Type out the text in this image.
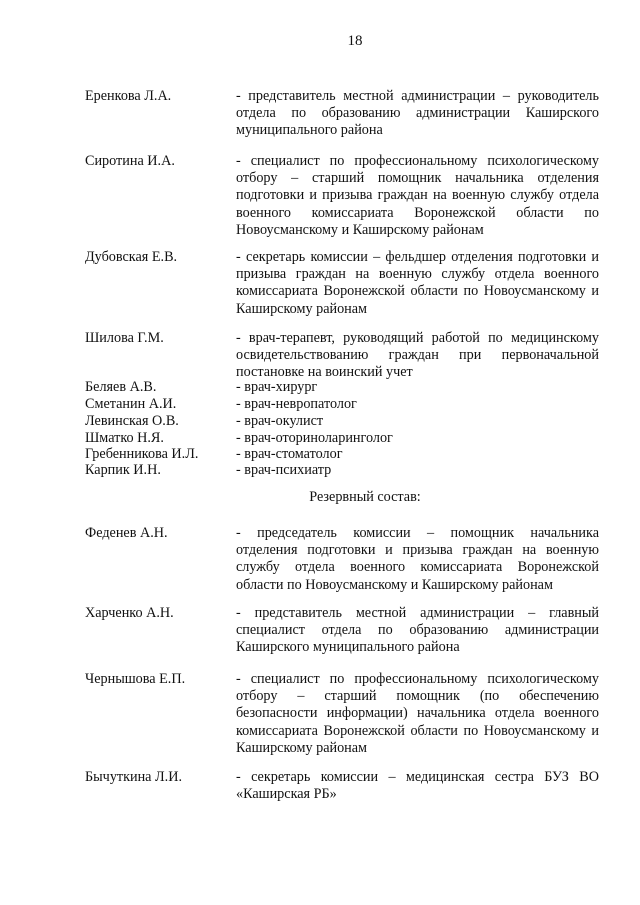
18
Еренкова Л.А.	- представитель местной администрации – руководитель отдела по образованию администрации Каширского муниципального района
Сиротина И.А.	- специалист по профессиональному психологическому отбору – старший помощник начальника отделения подготовки и призыва граждан на военную службу отдела военного комиссариата Воронежской области по Новоусманскому и Каширскому районам
Дубовская Е.В.	- секретарь комиссии – фельдшер отделения подготовки и призыва граждан на военную службу отдела военного комиссариата Воронежской области по Новоусманскому и Каширскому районам
Шилова Г.М.	- врач-терапевт, руководящий работой по медицинскому освидетельствованию граждан при первоначальной постановке на воинский учет
Беляев А.В.	- врач-хирург
Сметанин А.И.	- врач-невропатолог
Левинская О.В.	- врач-окулист
Шматко Н.Я.	- врач-оториноларинголог
Гребенникова И.Л.	- врач-стоматолог
Карпик И.Н.	- врач-психиатр
Резервный состав:
Феденев А.Н.	- председатель комиссии – помощник начальника отделения подготовки и призыва граждан на военную службу отдела военного комиссариата Воронежской области по Новоусманскому и Каширскому районам
Харченко А.Н.	- представитель местной администрации – главный специалист отдела по образованию администрации Каширского муниципального района
Чернышова Е.П.	- специалист по профессиональному психологическому отбору – старший помощник (по обеспечению безопасности информации) начальника отдела военного комиссариата Воронежской области по Новоусманскому и Каширскому районам
Бычуткина Л.И.	- секретарь комиссии – медицинская сестра БУЗ ВО «Каширская РБ»
